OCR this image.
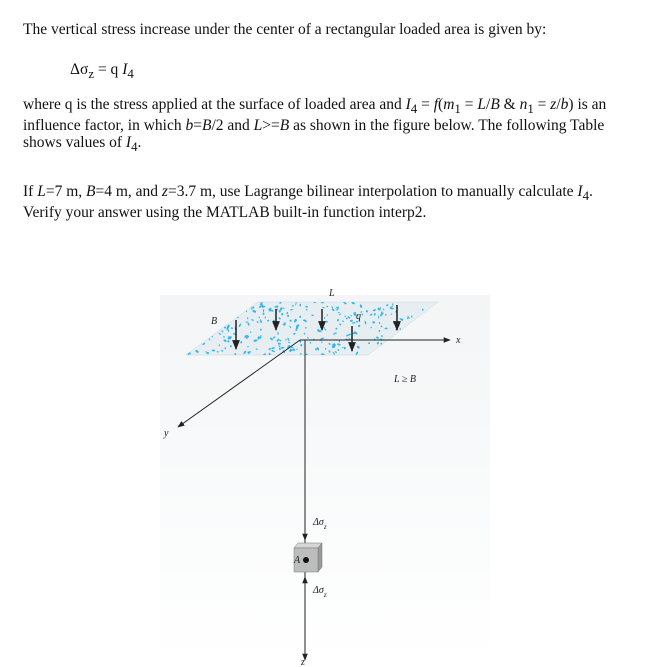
The vertical stress increase under the center of a rectangular loaded area is given by:

$\Delta\sigma_z = q$ $I_4$

where q is the stress applied at the surface of loaded area and $I_4 = f(m_1 = L/B$ & $n_1 = z/b$) is an influence factor, in which b=B/2 and L>=B as shown in the figure below. The following Table shows values of $I_4$.

If L=7 m, B=4 m, and z=3.7 m, use Lagrange bilinear interpolation to manually calculate $I_4$. Verify your answer using the MATLAB built-in function interp2.

L
B	q
x
y
z
L ≥ B
$\Delta\sigma_z$
A
$\Delta\sigma_z$
